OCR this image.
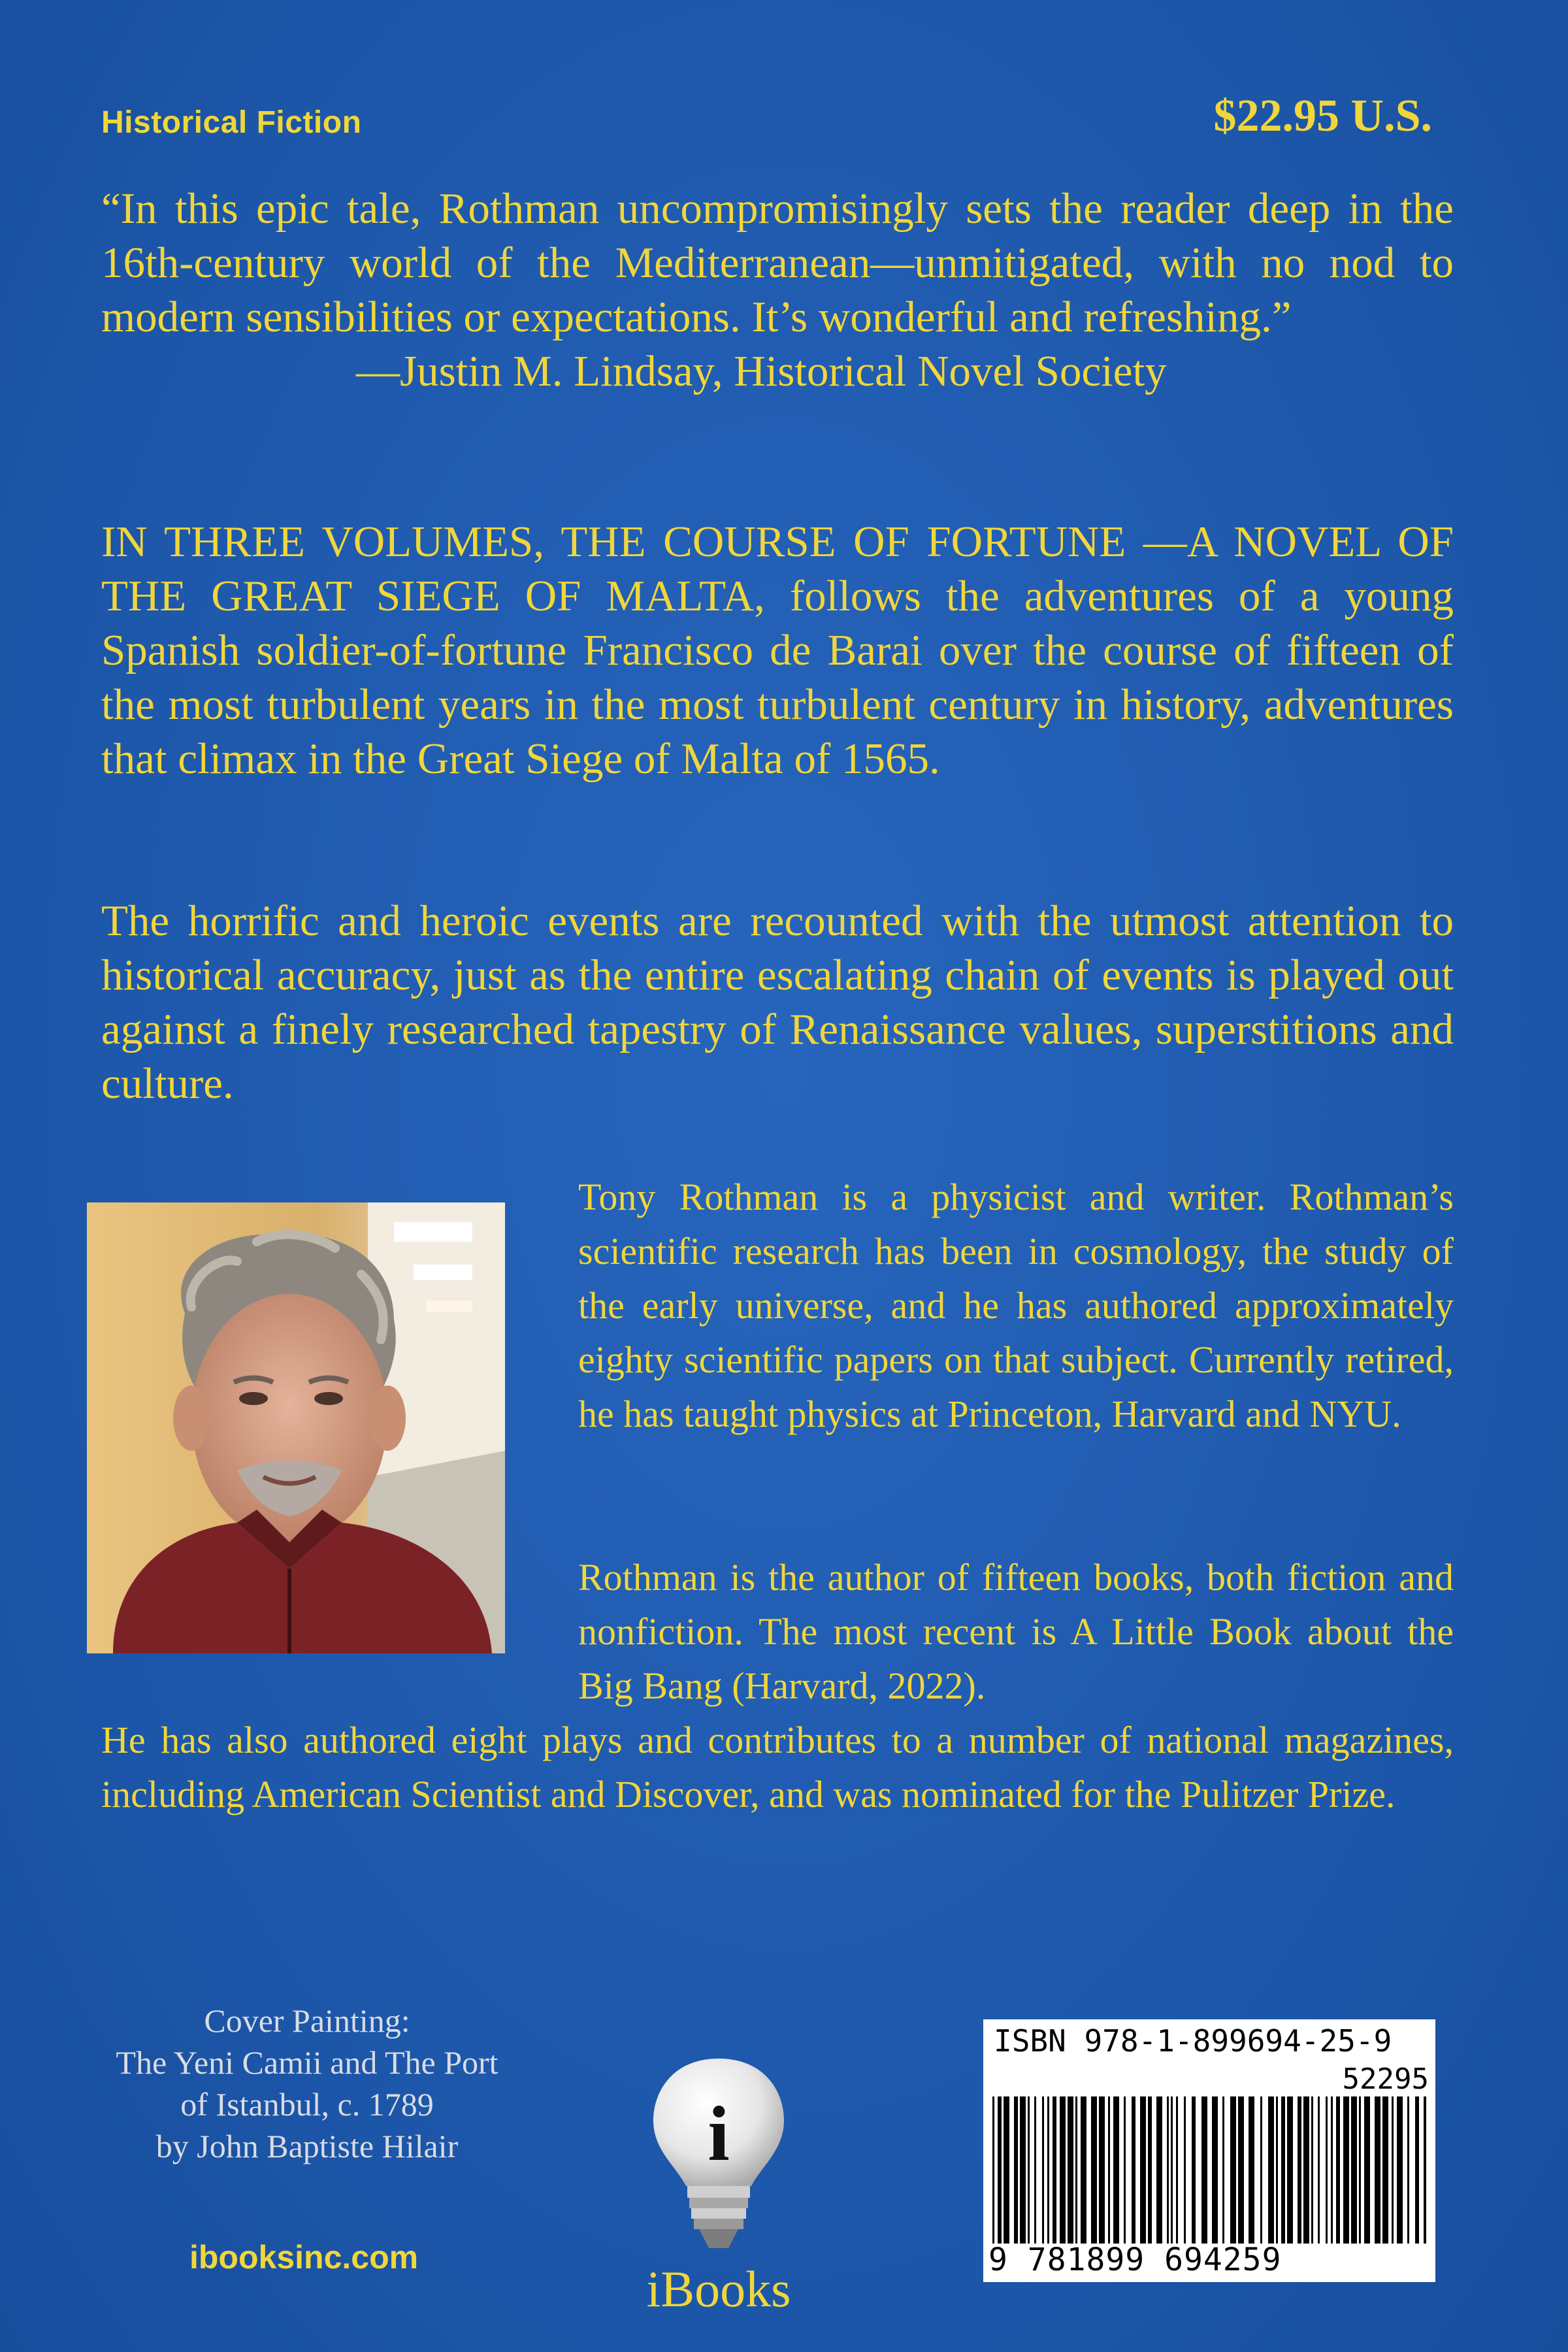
Historical Fiction	$22.95 U.S.
“In this epic tale, Rothman uncompromisingly sets the reader deep in the 16th-century world of the Mediterranean—unmitigated, with no nod to modern sensibilities or expectations. It’s wonderful and refreshing.”
—Justin M. Lindsay, Historical Novel Society
IN THREE VOLUMES, THE COURSE OF FORTUNE —A NOVEL OF THE GREAT SIEGE OF MALTA, follows the adventures of a young Spanish soldier-of-fortune Francisco de Barai over the course of fifteen of the most turbulent years in the most turbulent century in history, adventures that climax in the Great Siege of Malta of 1565.
The horrific and heroic events are recounted with the utmost attention to historical accuracy, just as the entire escalating chain of events is played out against a finely researched tapestry of Renaissance values, superstitions and culture.
Tony Rothman is a physicist and writer. Rothman’s scientific research has been in cosmology, the study of the early universe, and he has authored approximately eighty scientific papers on that subject. Currently retired, he has taught physics at Princeton, Harvard and NYU.
Rothman is the author of fifteen books, both fiction and nonfiction. The most recent is A Little Book about the Big Bang (Harvard, 2022).
He has also authored eight plays and contributes to a number of national magazines, including American Scientist and Discover, and was nominated for the Pulitzer Prize.
Cover Painting:
The Yeni Camii and The Port
of Istanbul, c. 1789
by John Baptiste Hilair
ibooksinc.com
i
iBooks
ISBN 978-1-899694-25-9
52295
9 781899 694259
